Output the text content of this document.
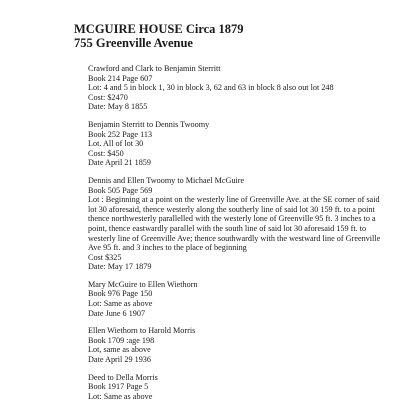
MCGUIRE HOUSE Circa 1879
755 Greenville Avenue
Crawford and Clark to Benjamin Sterritt
Book 214 Page 607
Lot: 4 and 5 in block 1, 30 in block 3, 62 and 63 in block 8 also out lot 248
Cost: $2470
Date: May 8 1855
Benjamin Sterritt to Dennis Twoomy
Book 252 Page 113
Lot. All of lot 30
Cost: $450
Date April 21 1859
Dennis and Ellen Twoomy to Michael McGuire
Book 505 Page 569
Lot : Beginning at a point on the westerly line of Greenville Ave. at the SE corner of said lot 30 aforesaid, thence westerly along the southerly line of said lot 30 159 ft. to a point thence northwesterly parallelled with the westerly lone of Greenville 95 ft. 3 inches to a point, thence eastwardly parallel with the south line of said lot 30 aforesaid 159 ft. to westerly line of Greenville Ave; thence southwardly with the westward line of Greenville Ave 95 ft. and 3 inches to the place of beginning
Cost $325
Date: May 17 1879
Mary McGuire to Ellen Wiethorn
Book 976 Page 150
Lot: Same as above
Date June 6 1907
Ellen Wiethorn to Harold Morris
Book 1709 :age 198
Lot, same as above
Date April 29 1936
Deed to Della Morris
Book 1917 Page 5
Lot: Same as above
